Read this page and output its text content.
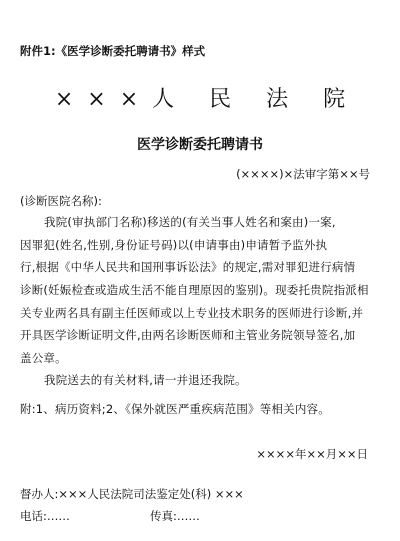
附件1:《医学诊断委托聘请书》样式
×××人 民 法 院
医学诊断委托聘请书
(××××)×法审字第××号
(诊断医院名称):
我院(审执部门名称)移送的(有关当事人姓名和案由)一案,
因罪犯(姓名,性别,身份证号码)以(申请事由)申请暂予监外执
行,根据《中华人民共和国刑事诉讼法》的规定,需对罪犯进行病情
诊断(妊娠检查或造成生活不能自理原因的鉴别)。现委托贵院指派相
关专业两名具有副主任医师或以上专业技术职务的医师进行诊断,并
开具医学诊断证明文件,由两名诊断医师和主管业务院领导签名,加
盖公章。
我院送去的有关材料,请一并退还我院。
附:1、病历资料;2、《保外就医严重疾病范围》等相关内容。
××××年××月××日
督办人:×××人民法院司法鉴定处(科) ×××
电话:……	传真:……
